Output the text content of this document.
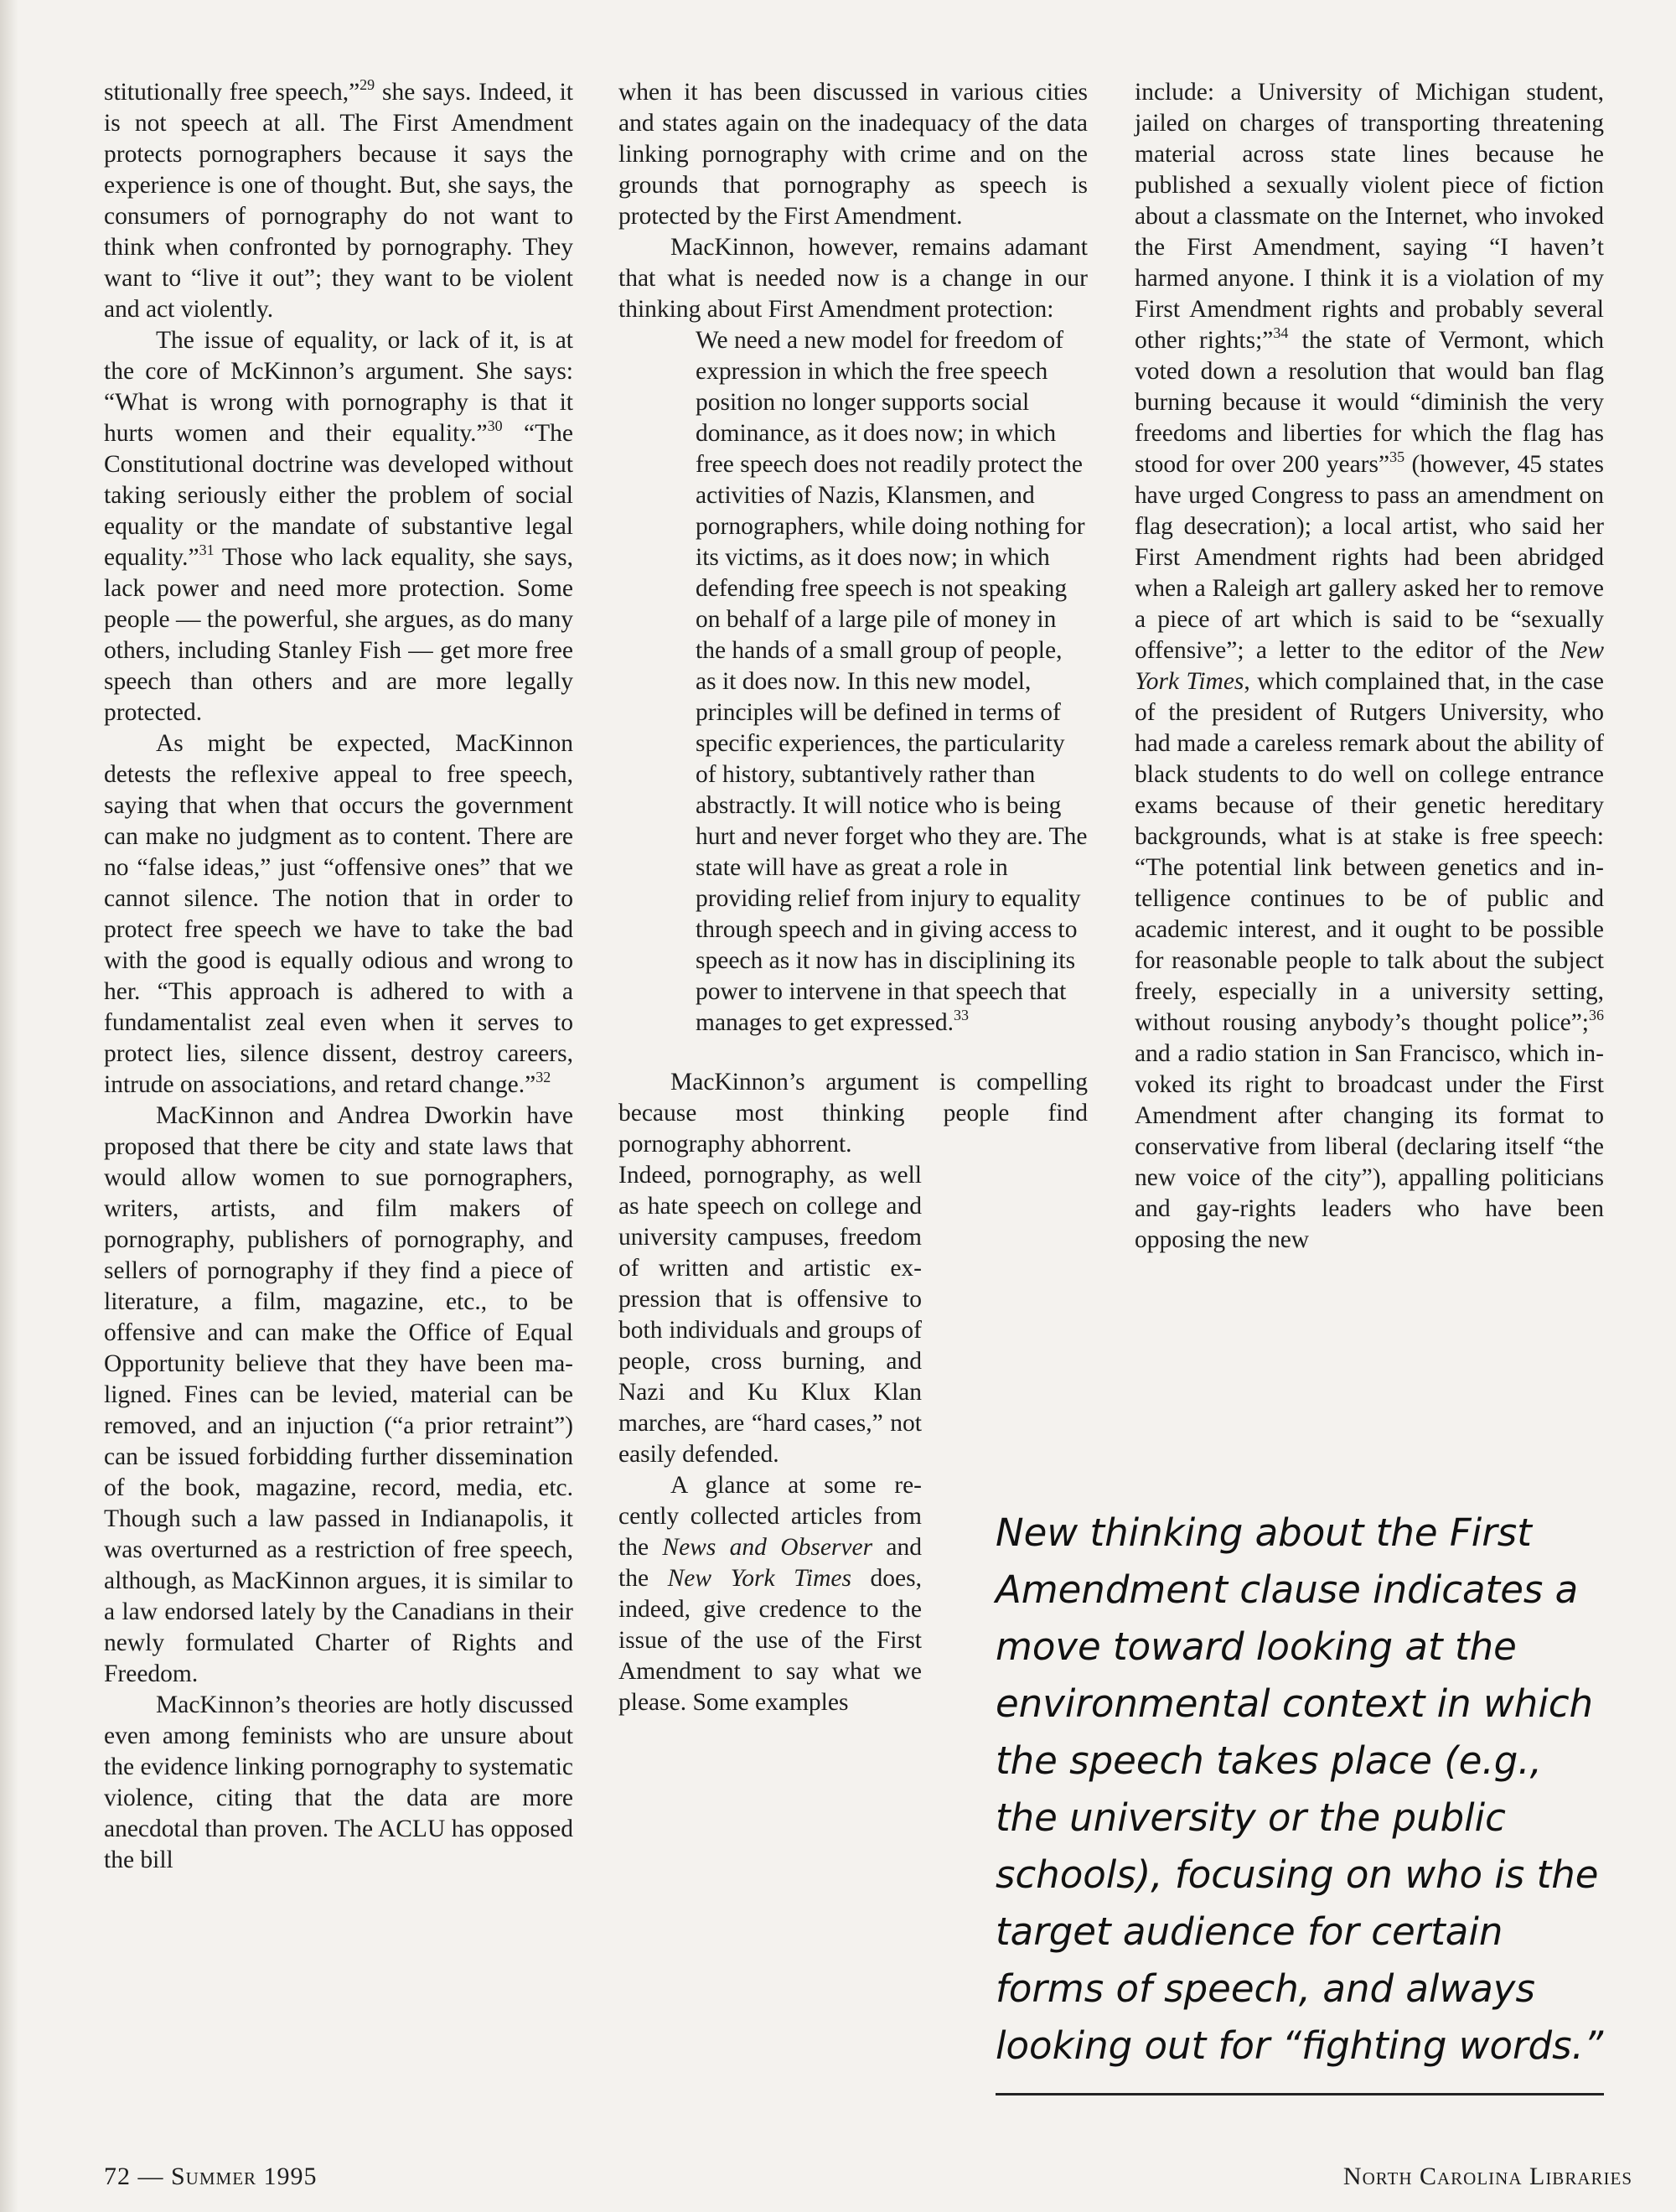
stitutionally free speech,”$^{29}$ she says. Indeed, it is not speech at all. The First Amendment protects pornographers because it says the experience is one of thought. But, she says, the consumers of pornography do not want to think when confronted by pornography. They want to “live it out”; they want to be violent and act violently.

The issue of equality, or lack of it, is at the core of McKinnon’s argument. She says: “What is wrong with pornography is that it hurts women and their equality.”$^{30}$ “The Constitutional doctrine was developed without taking seriously either the problem of social equality or the mandate of substantive legal equality.”$^{31}$ Those who lack equality, she says, lack power and need more protection. Some people — the powerful, she argues, as do many others, including Stanley Fish — get more free speech than others and are more legally protected.

As might be expected, MacKinnon detests the reflexive appeal to free speech, saying that when that occurs the government can make no judgment as to content. There are no “false ideas,” just “offensive ones” that we cannot silence. The notion that in order to protect free speech we have to take the bad with the good is equally odious and wrong to her. “This approach is adhered to with a fundamentalist zeal even when it serves to protect lies, silence dissent, destroy careers, intrude on associations, and retard change.”$^{32}$

MacKinnon and Andrea Dworkin have proposed that there be city and state laws that would allow women to sue pornographers, writers, artists, and film makers of pornography, publishers of pornography, and sellers of pornography if they find a piece of literature, a film, magazine, etc., to be offensive and can make the Office of Equal Opportunity believe that they have been maligned. Fines can be levied, material can be removed, and an injuction (“a prior retraint”) can be issued forbidding further dissemination of the book, magazine, record, media, etc. Though such a law passed in Indianapolis, it was overturned as a restriction of free speech, although, as MacKinnon argues, it is similar to a law endorsed lately by the Canadians in their newly formulated Charter of Rights and Freedom.

MacKinnon’s theories are hotly discussed even among feminists who are unsure about the evidence linking pornography to systematic violence, citing that the data are more anecdotal than proven. The ACLU has opposed the bill

when it has been discussed in various cities and states again on the inadequacy of the data linking pornography with crime and on the grounds that pornography as speech is protected by the First Amendment.

MacKinnon, however, remains adamant that what is needed now is a change in our thinking about First Amendment protection:

We need a new model for freedom of expression in which the free speech position no longer supports social dominance, as it does now; in which free speech does not readily protect the activities of Nazis, Klansmen, and pornographers, while doing nothing for its victims, as it does now; in which defending free speech is not speaking on behalf of a large pile of money in the hands of a small group of people, as it does now. In this new model, principles will be defined in terms of specific experiences, the particularity of history, subtantively rather than abstractly. It will notice who is being hurt and never forget who they are. The state will have as great a role in providing relief from injury to equality through speech and in giving access to speech as it now has in disciplining its power to intervene in that speech that manages to get expressed.$^{33}$

MacKinnon’s argument is compelling because most thinking people find pornography abhorrent.

Indeed, pornography, as well as hate speech on college and university campuses, freedom of written and artistic expression that is offensive to both individuals and groups of people, cross burning, and Nazi and Ku Klux Klan marches, are “hard cases,” not easily defended.

A glance at some recently collected articles from the News and Observer and the New York Times does, indeed, give credence to the issue of the use of the First Amendment to say what we please. Some examples

include: a University of Michigan student, jailed on charges of transporting threatening material across state lines because he published a sexually violent piece of fiction about a classmate on the Internet, who invoked the First Amendment, saying “I haven’t harmed anyone. I think it is a violation of my First Amendment rights and probably several other rights;”$^{34}$ the state of Vermont, which voted down a resolution that would ban flag burning because it would “diminish the very freedoms and liberties for which the flag has stood for over 200 years”$^{35}$ (however, 45 states have urged Congress to pass an amendment on flag desecration); a local artist, who said her First Amendment rights had been abridged when a Raleigh art gallery asked her to remove a piece of art which is said to be “sexually offensive”; a letter to the editor of the New York Times, which complained that, in the case of the president of Rutgers University, who had made a careless remark about the ability of black students to do well on college entrance exams because of their genetic hereditary backgrounds, what is at stake is free speech: “The potential link between genetics and intelligence continues to be of public and academic interest, and it ought to be possible for reasonable people to talk about the subject freely, especially in a university setting, without rousing anybody’s thought police”;$^{36}$ and a radio station in San Francisco, which invoked its right to broadcast under the First Amendment after changing its format to conservative from liberal (declaring itself “the new voice of the city”), appalling politicians and gay-rights leaders who have been opposing the new

New thinking about the First Amendment clause indicates a move toward looking at the environmental context in which the speech takes place (e.g., the university or the public schools), focusing on who is the target audience for certain forms of speech, and always looking out for “fighting words.”
72 — Summer 1995	North Carolina Libraries
